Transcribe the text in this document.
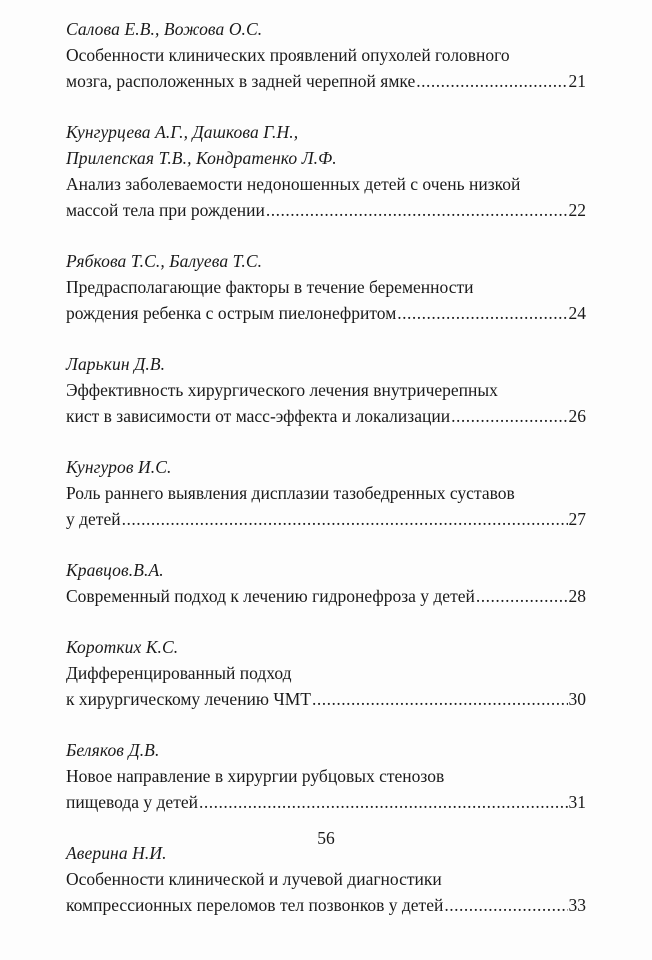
Салова Е.В., Вожова О.С.
Особенности клинических проявлений опухолей головного
мозга, расположенных в задней черепной ямке .....	21
Кунгурцева А.Г., Дашкова Г.Н.,
Прилепская Т.В., Кондратенко Л.Ф.
Анализ заболеваемости недоношенных детей с очень низкой
массой тела при рождении .....	22
Рябкова Т.С., Балуева Т.С.
Предрасполагающие факторы в течение беременности
рождения ребенка с острым пиелонефритом .....	24
Ларькин Д.В.
Эффективность хирургического лечения внутричерепных
кист в зависимости от масс-эффекта и локализации .....	26
Кунгуров И.С.
Роль раннего выявления дисплазии тазобедренных суставов
у детей .....	27
Кравцов.В.А.
Современный подход к лечению гидронефроза у детей .....	28
Коротких К.С.
Дифференцированный подход
к хирургическому лечению ЧМТ .....	30
Беляков Д.В.
Новое направление в хирургии рубцовых стенозов
пищевода у детей .....	31
Аверина Н.И.
Особенности клинической и лучевой диагностики
компрессионных переломов тел позвонков у детей .....	33
56
